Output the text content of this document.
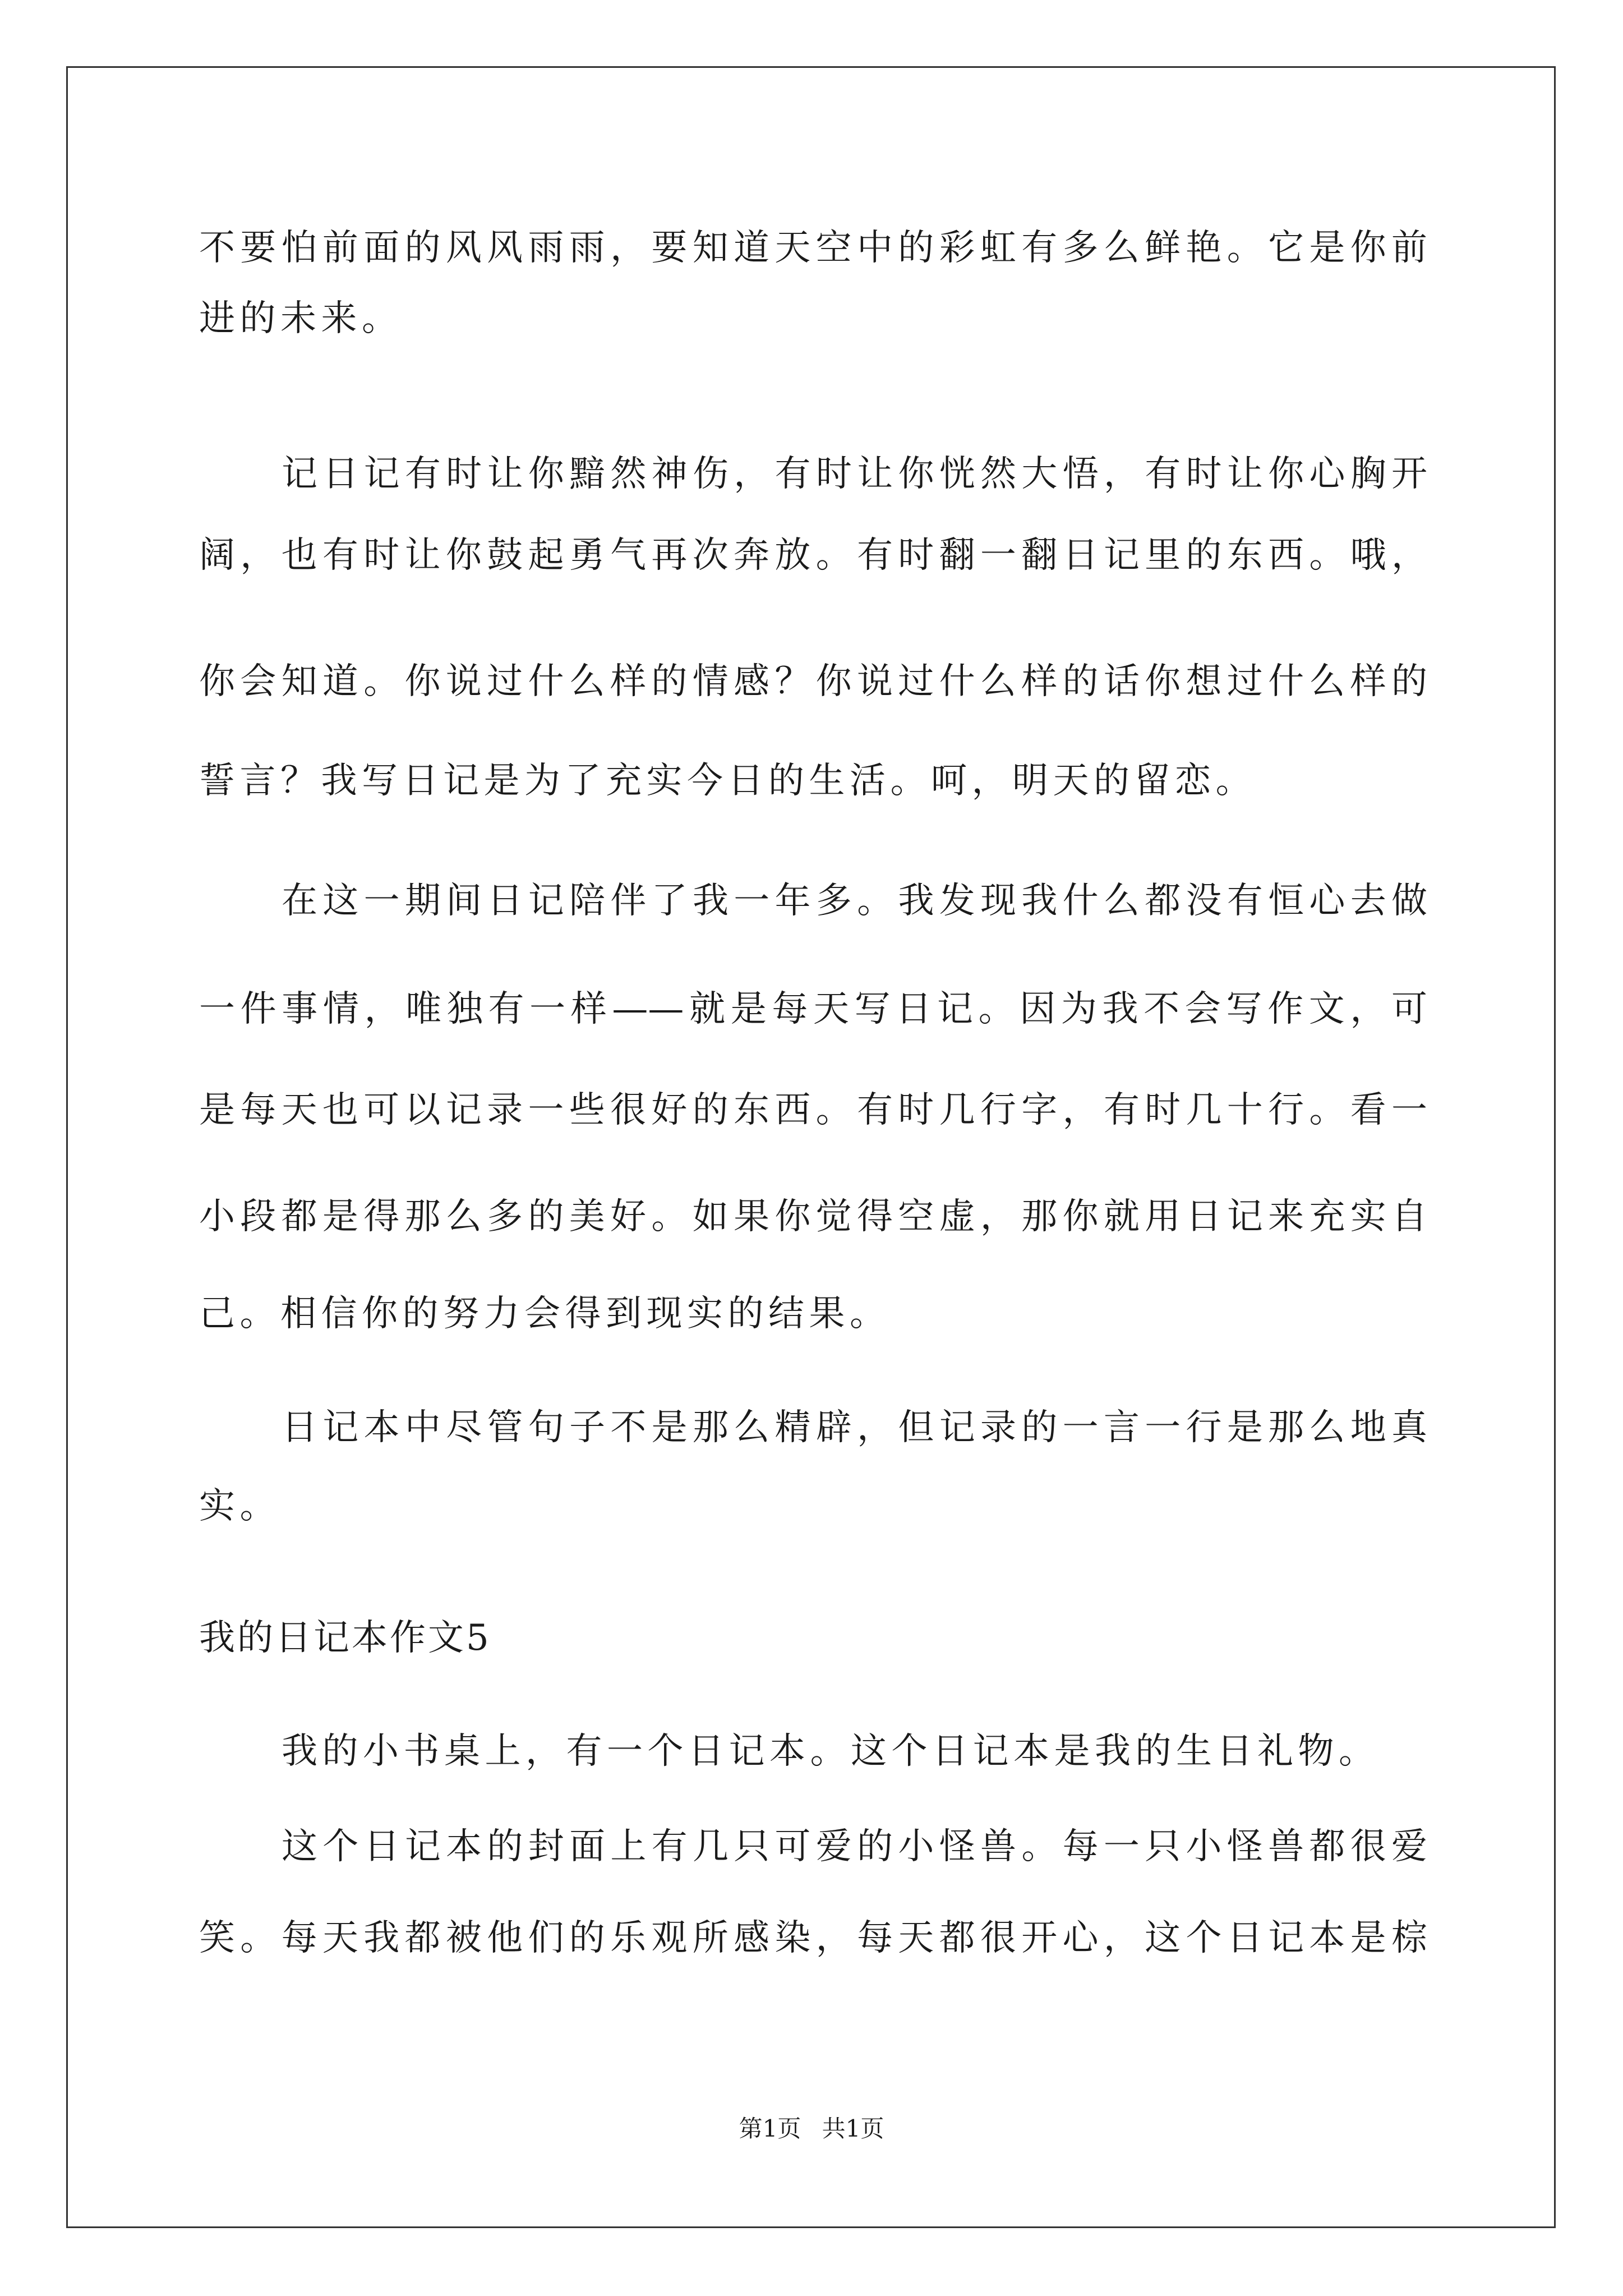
不要怕前面的风风雨雨，要知道天空中的彩虹有多么鲜艳。它是你前

进的未来。

记日记有时让你黯然神伤，有时让你恍然大悟，有时让你心胸开

阔，也有时让你鼓起勇气再次奔放。有时翻一翻日记里的东西。哦，

你会知道。你说过什么样的情感？你说过什么样的话你想过什么样的

誓言？我写日记是为了充实今日的生活。呵，明天的留恋。

在这一期间日记陪伴了我一年多。我发现我什么都没有恒心去做

一件事情，唯独有一样——就是每天写日记。因为我不会写作文，可

是每天也可以记录一些很好的东西。有时几行字，有时几十行。看一

小段都是得那么多的美好。如果你觉得空虚，那你就用日记来充实自

己。相信你的努力会得到现实的结果。

日记本中尽管句子不是那么精辟，但记录的一言一行是那么地真

实。

我的日记本作文5

我的小书桌上，有一个日记本。这个日记本是我的生日礼物。

这个日记本的封面上有几只可爱的小怪兽。每一只小怪兽都很爱

笑。每天我都被他们的乐观所感染，每天都很开心，这个日记本是棕

第1页 共1页
